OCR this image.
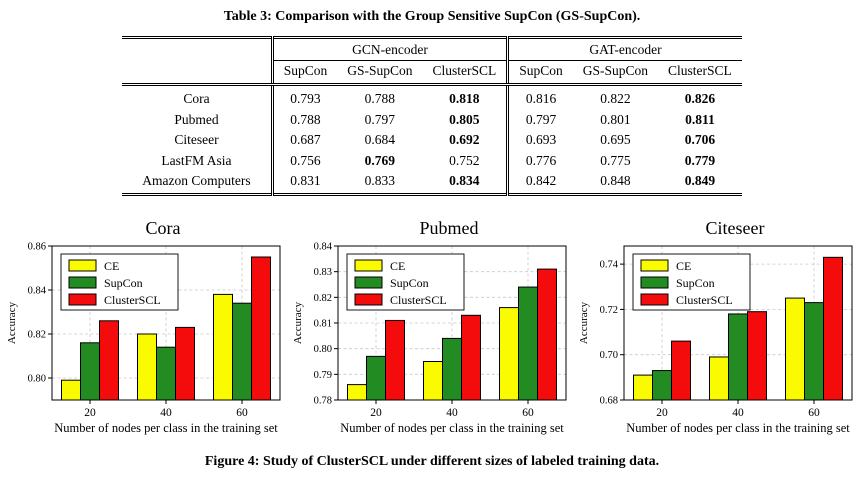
Table 3: Comparison with the Group Sensitive SupCon (GS-SupCon).
	GCN-encoder			GAT-encoder		
	SupCon	GS-SupCon	ClusterSCL	SupCon	GS-SupCon	ClusterSCL
Cora	0.793	0.788	0.818	0.816	0.822	0.826
Pubmed	0.788	0.797	0.805	0.797	0.801	0.811
Citeseer	0.687	0.684	0.692	0.693	0.695	0.706
LastFM Asia	0.756	0.769	0.752	0.776	0.775	0.779
Amazon Computers	0.831	0.833	0.834	0.842	0.848	0.849
Cora
0.80
0.82
0.84
0.86
20	40	60
Number of nodes per class in the training set
Accuracy
CE
SupCon
ClusterSCL
Pubmed
0.78
0.79
0.80
0.81
0.82
0.83
0.84
20	40	60
Number of nodes per class in the training set
Accuracy
CE
SupCon
ClusterSCL
Citeseer
0.68
0.70
0.72
0.74
20	40	60
Number of nodes per class in the training set
Accuracy
CE
SupCon
ClusterSCL
Figure 4: Study of ClusterSCL under different sizes of labeled training data.
